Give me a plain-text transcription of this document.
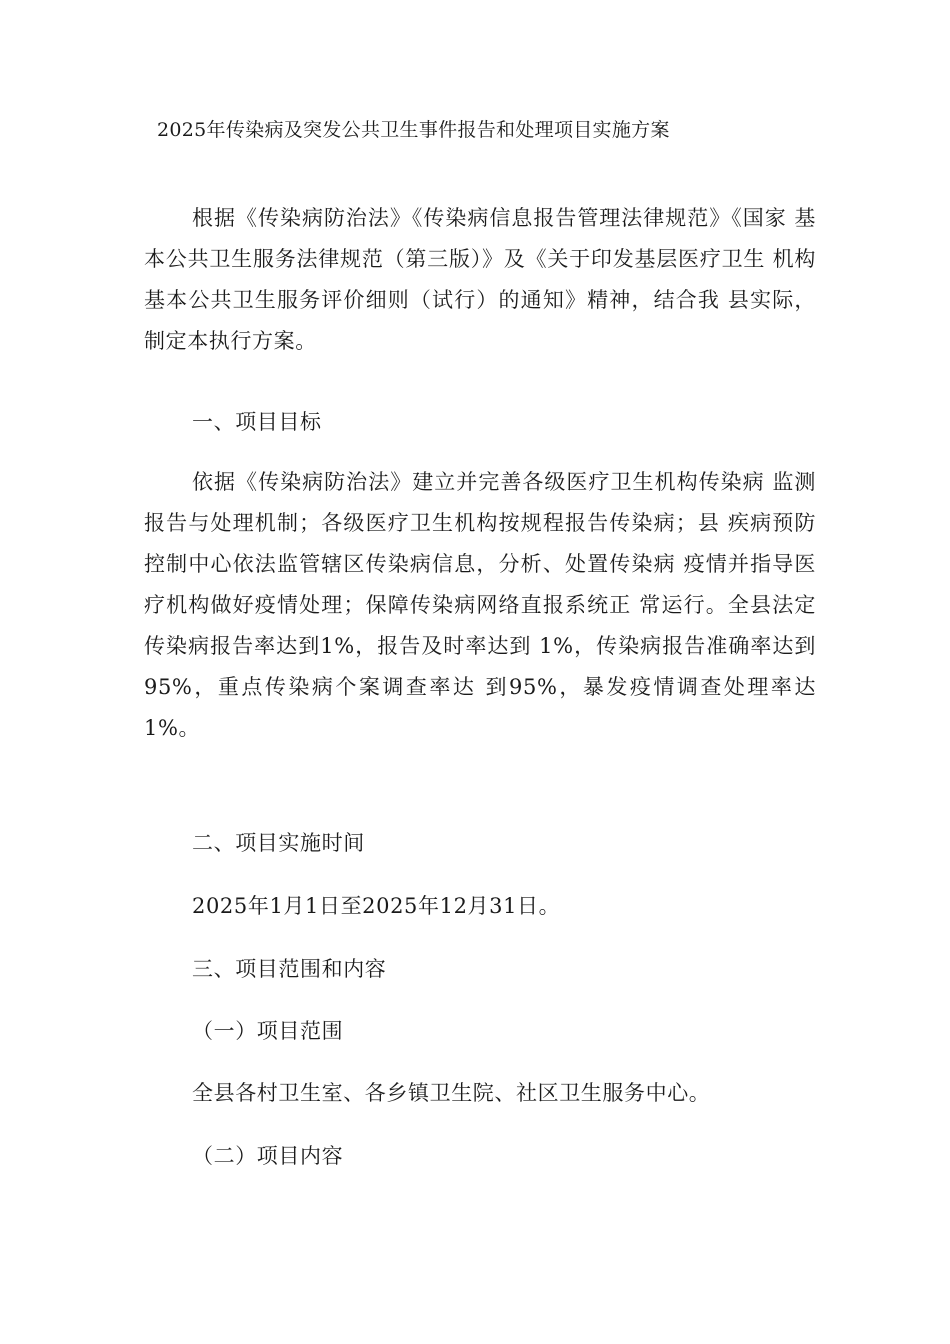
2025年传染病及突发公共卫生事件报告和处理项目实施方案
根据《传染病防治法》《传染病信息报告管理法律规范》《国家 基本公共卫生服务法律规范（第三版）》及《关于印发基层医疗卫生 机构基本公共卫生服务评价细则（试行）的通知》精神，结合我 县实际，制定本执行方案。
一、项目目标
依据《传染病防治法》建立并完善各级医疗卫生机构传染病 监测报告与处理机制；各级医疗卫生机构按规程报告传染病；县 疾病预防控制中心依法监管辖区传染病信息，分析、处置传染病 疫情并指导医疗机构做好疫情处理；保障传染病网络直报系统正 常运行。全县法定传染病报告率达到1%，报告及时率达到 1%，传染病报告准确率达到95%，重点传染病个案调查率达 到95%，暴发疫情调查处理率达1%。
二、项目实施时间
2025年1月1日至2025年12月31日。
三、项目范围和内容
（一）项目范围
全县各村卫生室、各乡镇卫生院、社区卫生服务中心。
（二）项目内容
